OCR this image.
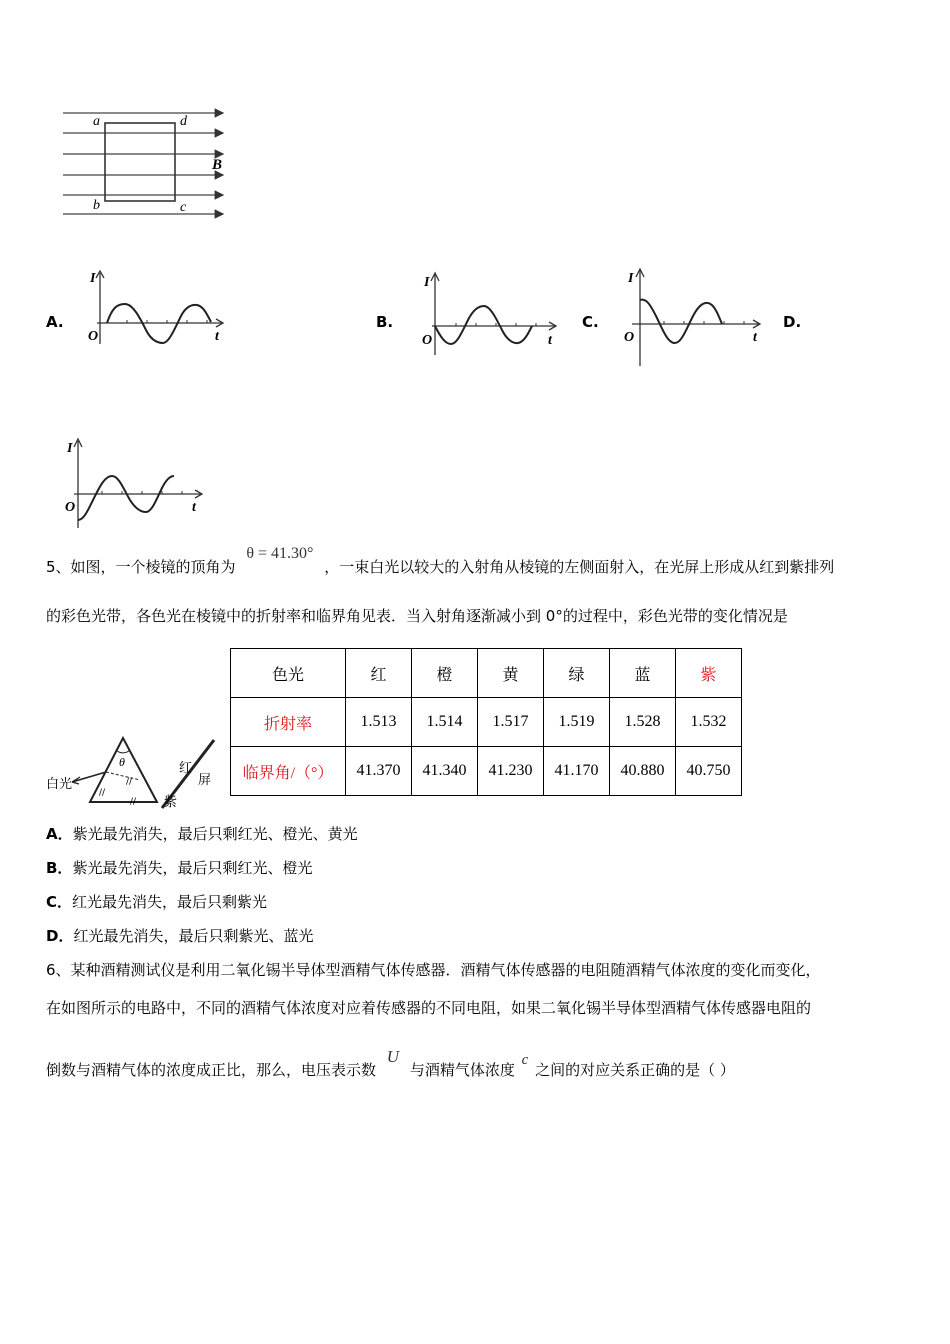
a	d
b	c
B
A.
I
O	t
B.
I
O	t
C.
I
O	t
D.
I
O	t
5、如图，一个棱镜的顶角为 θ = 41.30° ，一束白光以较大的入射角从棱镜的左侧面射入，在光屏上形成从红到紫排列
的彩色光带，各色光在棱镜中的折射率和临界角见表．当入射角逐渐减小到 0°的过程中，彩色光带的变化情况是
//
//
//
白光
θ	红
屏
紫
色光	红	橙	黄	绿	蓝	紫
折射率	1.513	1.514	1.517	1.519	1.528	1.532
临界角/（°）	41.370	41.340	41.230	41.170	40.880	40.750
A．紫光最先消失，最后只剩红光、橙光、黄光
B．紫光最先消失，最后只剩红光、橙光
C．红光最先消失，最后只剩紫光
D．红光最先消失，最后只剩紫光、蓝光
6、某种酒精测试仪是利用二氧化锡半导体型酒精气体传感器．酒精气体传感器的电阻随酒精气体浓度的变化而变化，
在如图所示的电路中，不同的酒精气体浓度对应着传感器的不同电阻，如果二氧化锡半导体型酒精气体传感器电阻的
倒数与酒精气体的浓度成正比，那么，电压表示数 U 与酒精气体浓度 c 之间的对应关系正确的是（ ）
